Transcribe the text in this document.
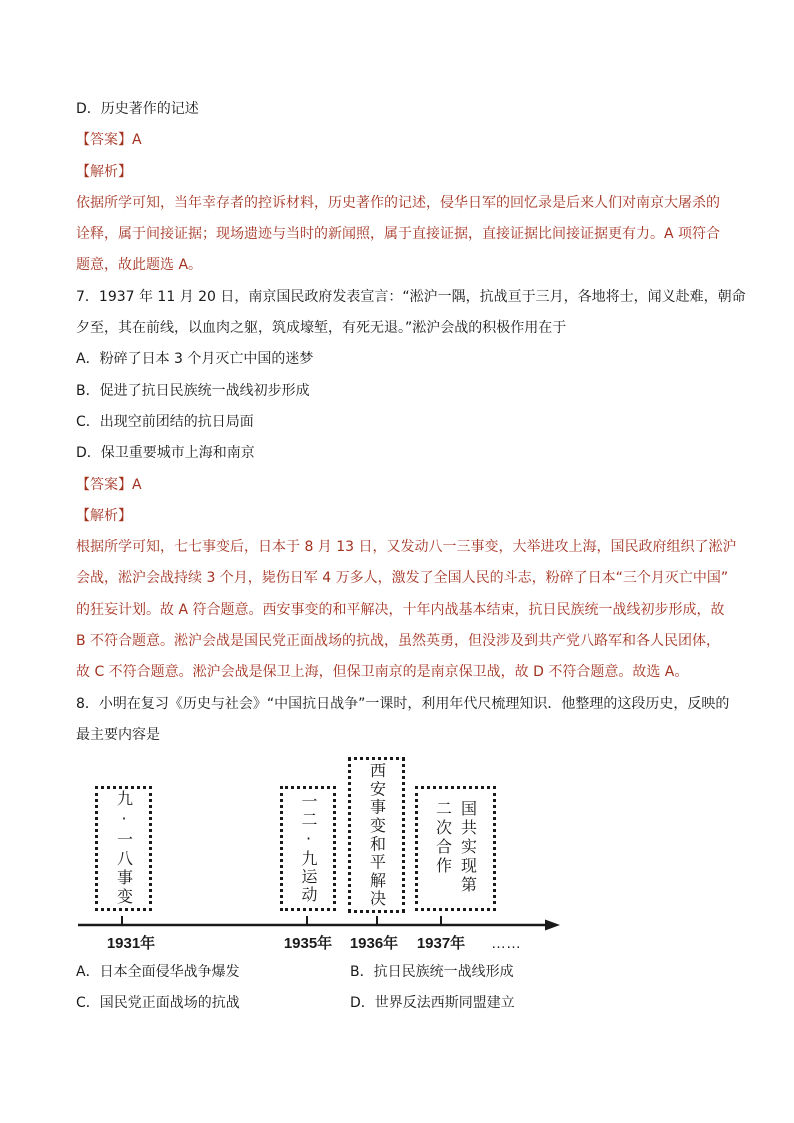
D．历史著作的记述
【答案】A
【解析】
依据所学可知，当年幸存者的控诉材料，历史著作的记述，侵华日军的回忆录是后来人们对南京大屠杀的
诠释，属于间接证据；现场遗迹与当时的新闻照，属于直接证据，直接证据比间接证据更有力。A 项符合
题意，故此题选 A。
7．1937 年 11 月 20 日，南京国民政府发表宣言：“淞沪一隅，抗战亘于三月，各地将士，闻义赴难，朝命
夕至，其在前线，以血肉之躯，筑成壕堑，有死无退。”淞沪会战的积极作用在于
A．粉碎了日本 3 个月灭亡中国的迷梦
B．促进了抗日民族统一战线初步形成
C．出现空前团结的抗日局面
D．保卫重要城市上海和南京
【答案】A
【解析】
根据所学可知，七七事变后，日本于 8 月 13 日，又发动八一三事变，大举进攻上海，国民政府组织了淞沪
会战，淞沪会战持续 3 个月，毙伤日军 4 万多人，激发了全国人民的斗志，粉碎了日本“三个月灭亡中国”
的狂妄计划。故 A 符合题意。西安事变的和平解决，十年内战基本结束，抗日民族统一战线初步形成，故
B 不符合题意。淞沪会战是国民党正面战场的抗战，虽然英勇，但没涉及到共产党八路军和各人民团体，
故 C 不符合题意。淞沪会战是保卫上海，但保卫南京的是南京保卫战，故 D 不符合题意。故选 A。
8．小明在复习《历史与社会》“中国抗日战争”一课时，利用年代尺梳理知识．他整理的这段历史，反映的
最主要内容是
九·一八事变	一二·九运动	西安事变和平解决	国共实现第二次合作
1931年	1935年	1936年	1937年	……
A．日本全面侵华战争爆发	B．抗日民族统一战线形成
C．国民党正面战场的抗战	D．世界反法西斯同盟建立
